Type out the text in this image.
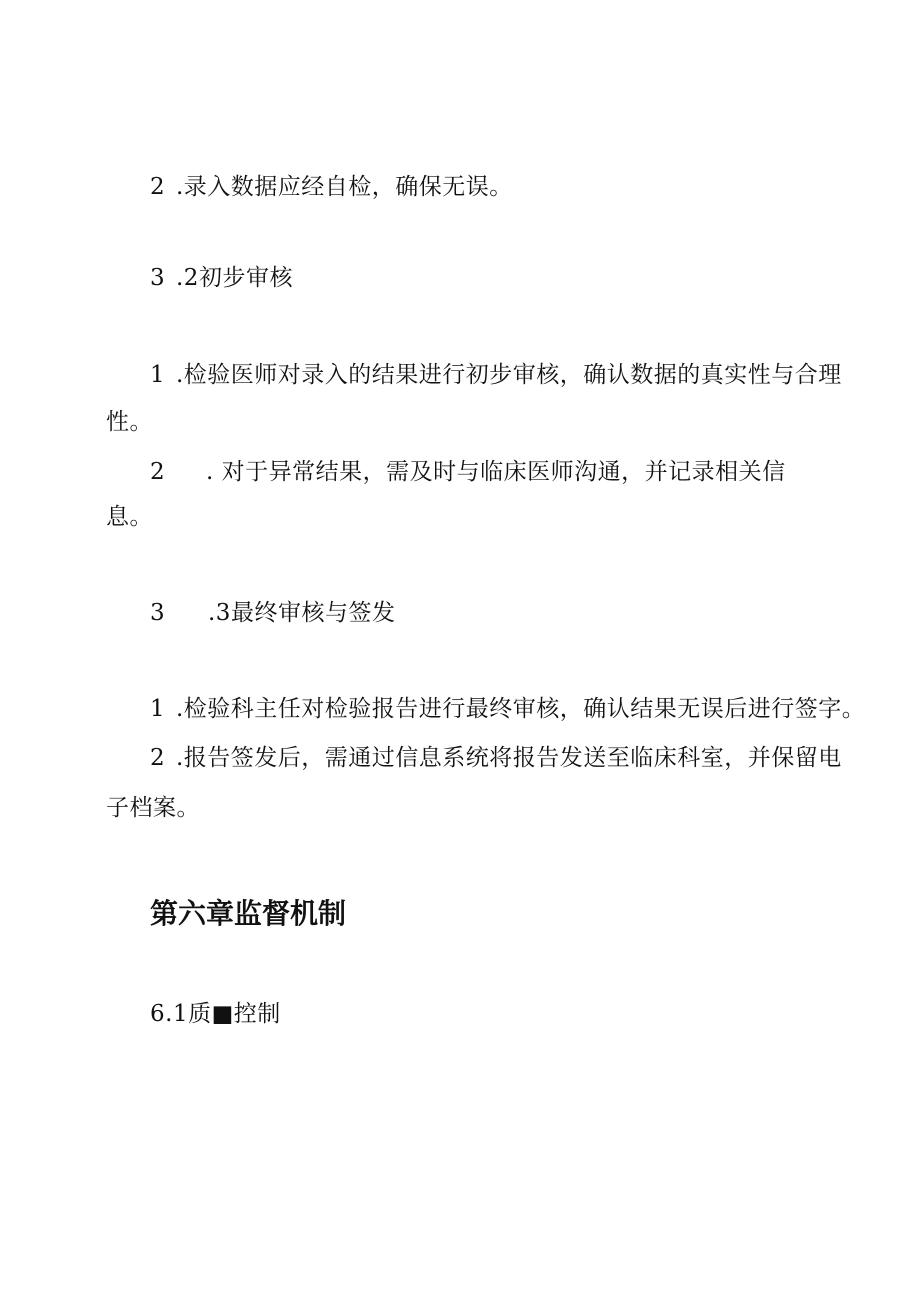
2 .录入数据应经自检，确保无误。
3 .2初步审核
1 .检验医师对录入的结果进行初步审核，确认数据的真实性与合理
性。
2 . 对于异常结果，需及时与临床医师沟通，并记录相关信
息。
3 .3最终审核与签发
1 .检验科主任对检验报告进行最终审核，确认结果无误后进行签字。
2 .报告签发后，需通过信息系统将报告发送至临床科室，并保留电
子档案。
第六章监督机制
6.1质■控制
